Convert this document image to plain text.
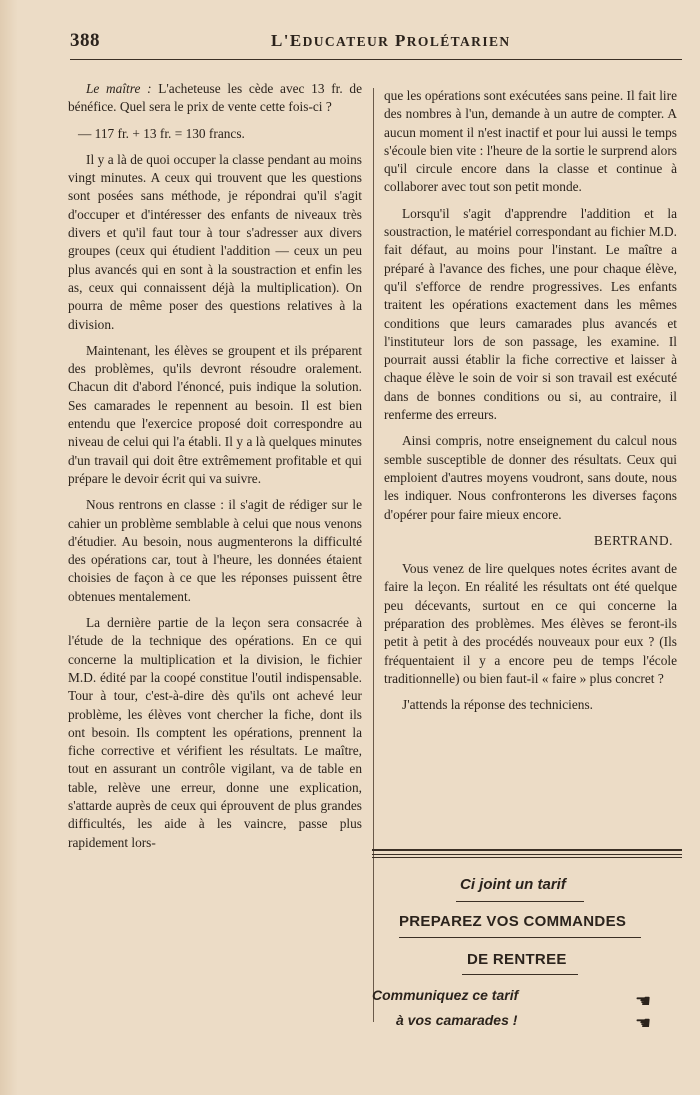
388	L'EDUCATEUR PROLÉTARIEN

Le maître : L'acheteuse les cède avec 13 fr. de bénéfice. Quel sera le prix de vente cette fois-ci ?

— 117 fr. + 13 fr. = 130 francs.

Il y a là de quoi occuper la classe pendant au moins vingt minutes. A ceux qui trouvent que les questions sont posées sans méthode, je répondrai qu'il s'agit d'occuper et d'intéresser des enfants de niveaux très divers et qu'il faut tour à tour s'adresser aux divers groupes (ceux qui étudient l'addition — ceux un peu plus avancés qui en sont à la soustraction et enfin les as, ceux qui connaissent déjà la multiplication). On pourra de même poser des questions relatives à la division.

Maintenant, les élèves se groupent et ils préparent des problèmes, qu'ils devront résoudre oralement. Chacun dit d'abord l'énoncé, puis indique la solution. Ses camarades le repennent au besoin. Il est bien entendu que l'exercice proposé doit correspondre au niveau de celui qui l'a établi. Il y a là quelques minutes d'un travail qui doit être extrêmement profitable et qui prépare le devoir écrit qui va suivre.

Nous rentrons en classe : il s'agit de rédiger sur le cahier un problème semblable à celui que nous venons d'étudier. Au besoin, nous augmenterons la difficulté des opérations car, tout à l'heure, les données étaient choisies de façon à ce que les réponses puissent être obtenues mentalement.

La dernière partie de la leçon sera consacrée à l'étude de la technique des opérations. En ce qui concerne la multiplication et la division, le fichier M.D. édité par la coopé constitue l'outil indispensable. Tour à tour, c'est-à-dire dès qu'ils ont achevé leur problème, les élèves vont chercher la fiche, dont ils ont besoin. Ils comptent les opérations, prennent la fiche corrective et vérifient les résultats. Le maître, tout en assurant un contrôle vigilant, va de table en table, relève une erreur, donne une explication, s'attarde auprès de ceux qui éprouvent de plus grandes difficultés, les aide à les vaincre, passe plus rapidement lors-

que les opérations sont exécutées sans peine. Il fait lire des nombres à l'un, demande à un autre de compter. A aucun moment il n'est inactif et pour lui aussi le temps s'écoule bien vite : l'heure de la sortie le surprend alors qu'il circule encore dans la classe et continue à collaborer avec tout son petit monde.

Lorsqu'il s'agit d'apprendre l'addition et la soustraction, le matériel correspondant au fichier M.D. fait défaut, au moins pour l'instant. Le maître a préparé à l'avance des fiches, une pour chaque élève, qu'il s'efforce de rendre progressives. Les enfants traitent les opérations exactement dans les mêmes conditions que leurs camarades plus avancés et l'instituteur lors de son passage, les examine. Il pourrait aussi établir la fiche corrective et laisser à chaque élève le soin de voir si son travail est exécuté dans de bonnes conditions ou si, au contraire, il renferme des erreurs.

Ainsi compris, notre enseignement du calcul nous semble susceptible de donner des résultats. Ceux qui emploient d'autres moyens voudront, sans doute, nous les indiquer. Nous confronterons les diverses façons d'opérer pour faire mieux encore.

BERTRAND.

Vous venez de lire quelques notes écrites avant de faire la leçon. En réalité les résultats ont été quelque peu décevants, surtout en ce qui concerne la préparation des problèmes. Mes élèves se feront-ils petit à petit à des procédés nouveaux pour eux ? (Ils fréquentaient il y a encore peu de temps l'école traditionnelle) ou bien faut-il « faire » plus concret ?

J'attends la réponse des techniciens.

Ci joint un tarif
PREPAREZ VOS COMMANDES
DE RENTREE
Communiquez ce tarif
à vos camarades !
☚
☚
